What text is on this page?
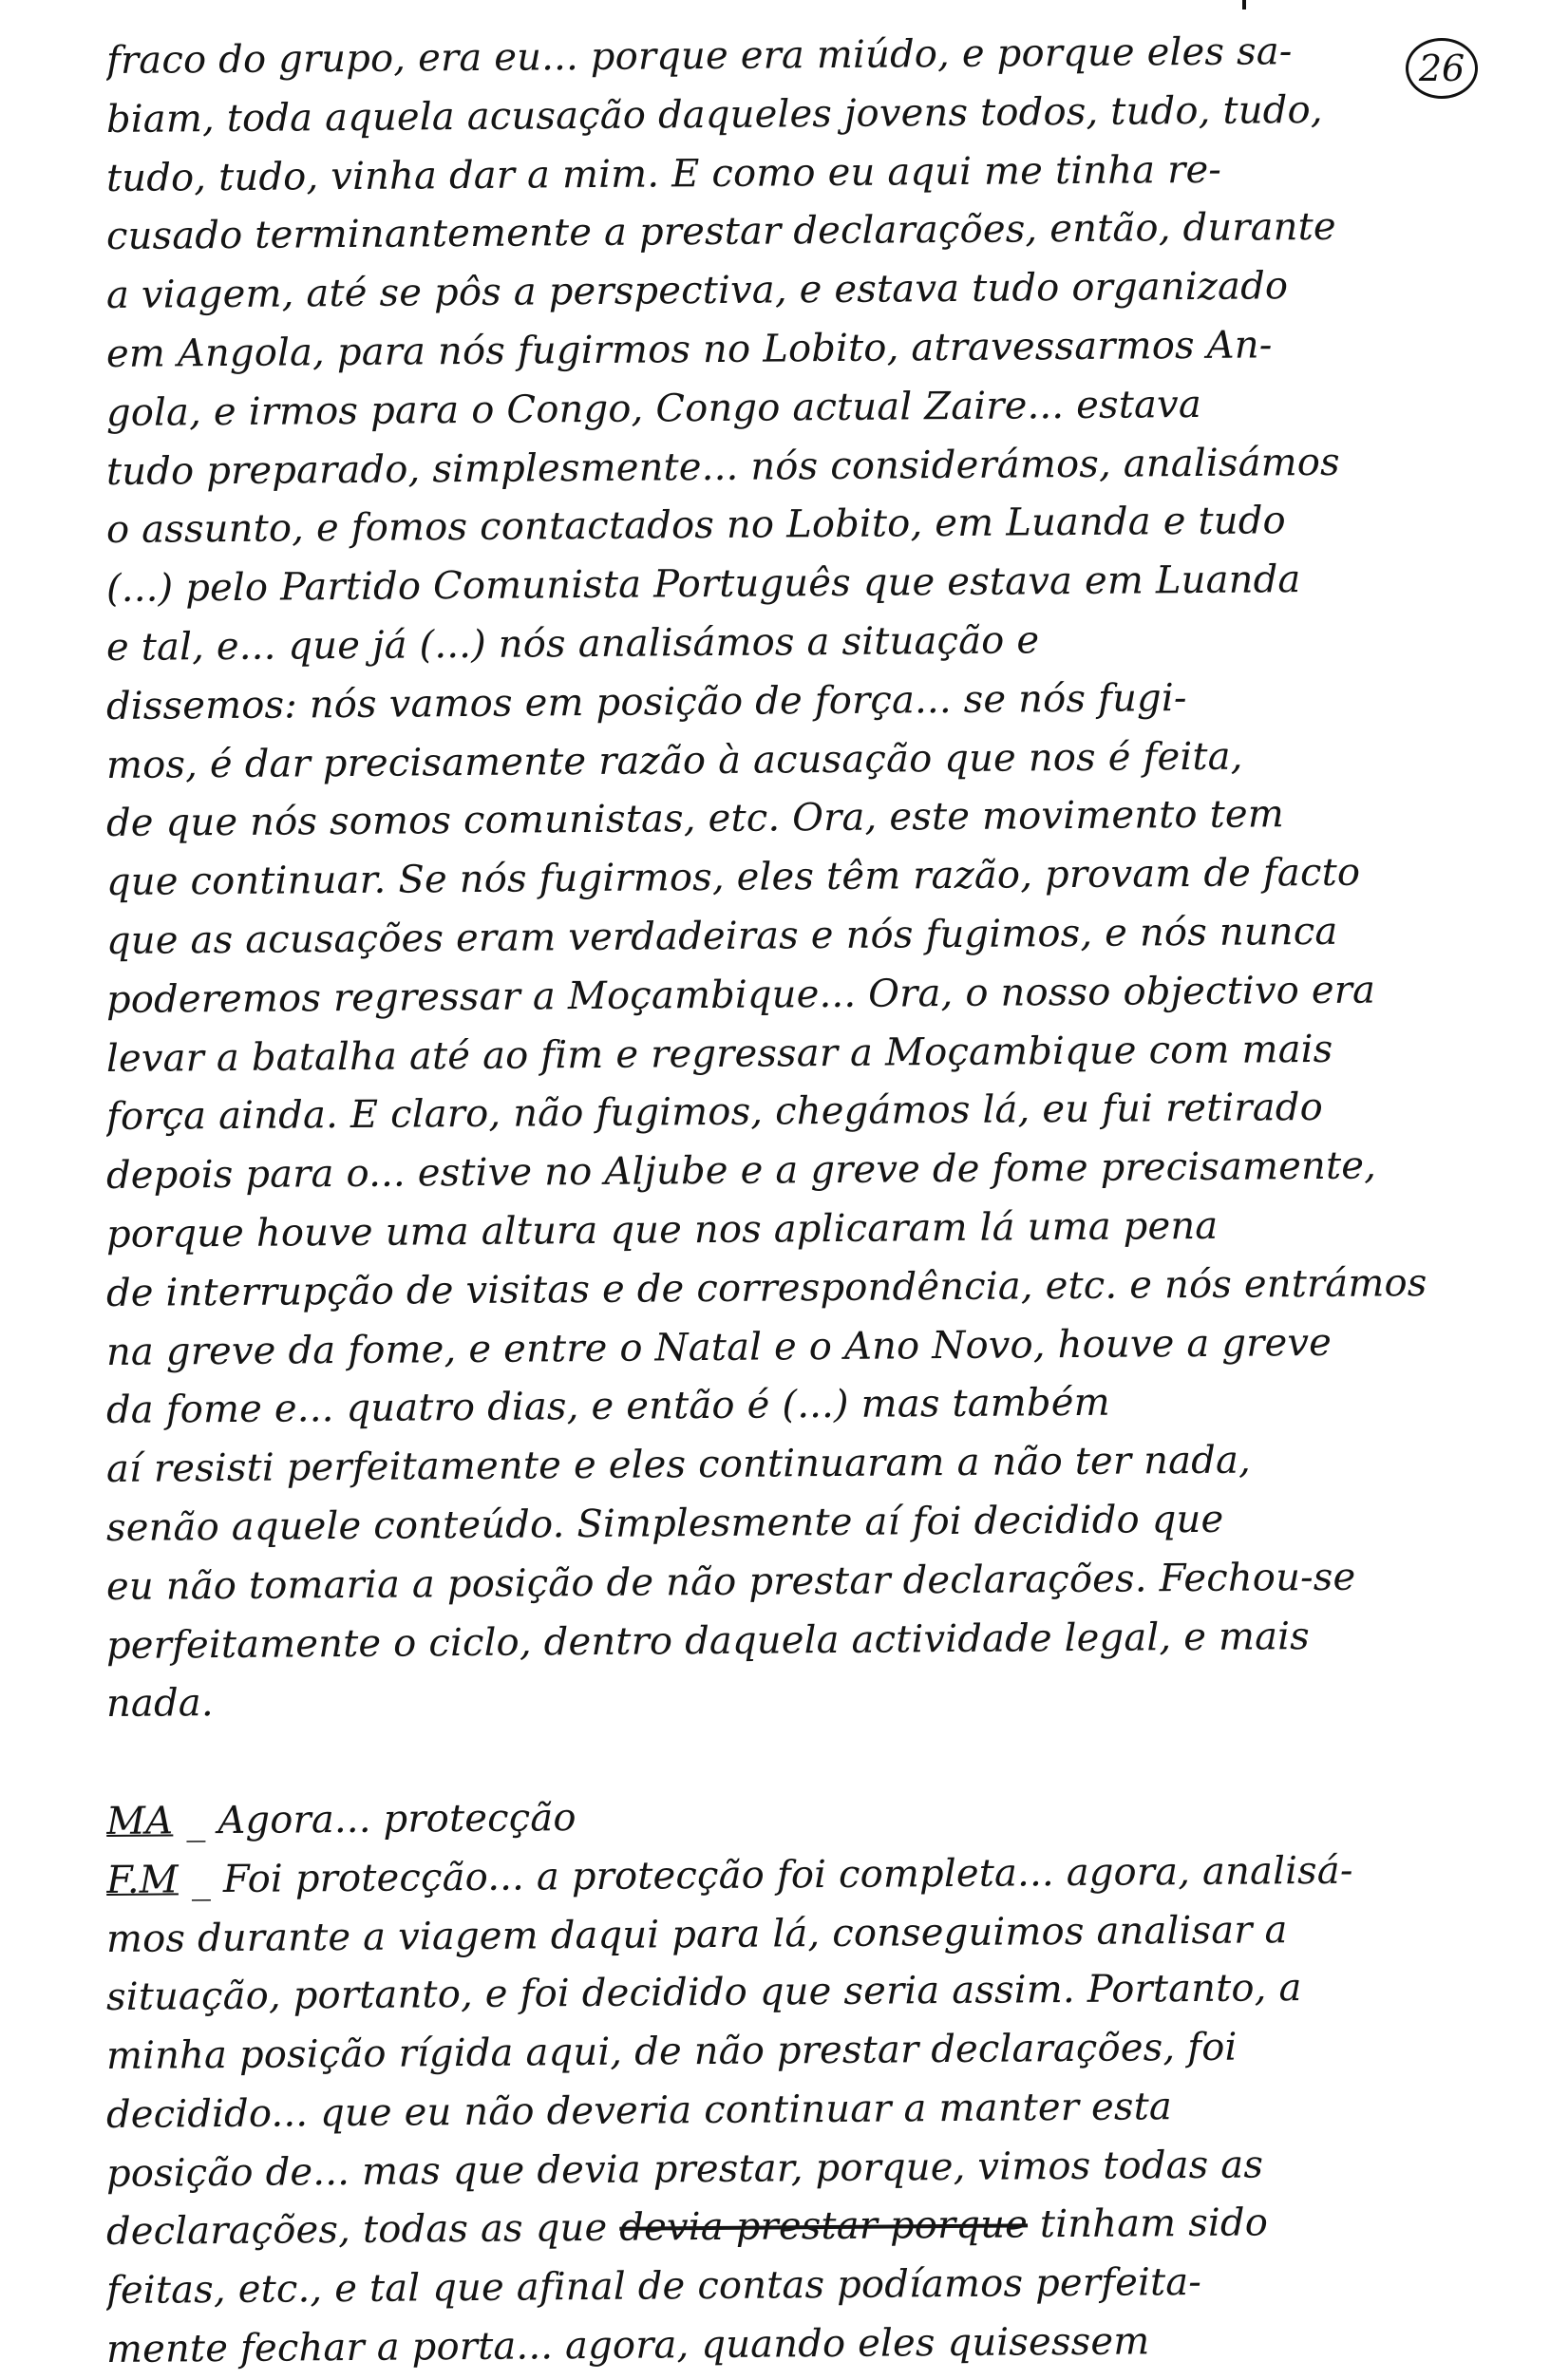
26
fraco do grupo, era eu... porque era miúdo, e porque eles sa-
biam, toda aquela acusação daqueles jovens todos, tudo, tudo,
tudo, tudo, vinha dar a mim. E como eu aqui me tinha re-
cusado terminantemente a prestar declarações, então, durante
a viagem, até se pôs a perspectiva, e estava tudo organizado
em Angola, para nós fugirmos no Lobito, atravessarmos An-
gola, e irmos para o Congo, Congo actual Zaire... estava
tudo preparado, simplesmente... nós considerámos, analisámos
o assunto, e fomos contactados no Lobito, em Luanda e tudo
(...) pelo Partido Comunista Português que estava em Luanda
e tal, e... que já (...) nós analisámos a situação e
dissemos: nós vamos em posição de força... se nós fugi-
mos, é dar precisamente razão à acusação que nos é feita,
de que nós somos comunistas, etc. Ora, este movimento tem
que continuar. Se nós fugirmos, eles têm razão, provam de facto
que as acusações eram verdadeiras e nós fugimos, e nós nunca
poderemos regressar a Moçambique... Ora, o nosso objectivo era
levar a batalha até ao fim e regressar a Moçambique com mais
força ainda. E claro, não fugimos, chegámos lá, eu fui retirado
depois para o... estive no Aljube e a greve de fome precisamente,
porque houve uma altura que nos aplicaram lá uma pena
de interrupção de visitas e de correspondência, etc. e nós entrámos
na greve da fome, e entre o Natal e o Ano Novo, houve a greve
da fome e... quatro dias, e então é (...) mas também
aí resisti perfeitamente e eles continuaram a não ter nada,
senão aquele conteúdo. Simplesmente aí foi decidido que
eu não tomaria a posição de não prestar declarações. Fechou-se
perfeitamente o ciclo, dentro daquela actividade legal, e mais
nada.
MA _ Agora... protecção
F.M _ Foi protecção... a protecção foi completa... agora, analisá-
mos durante a viagem daqui para lá, conseguimos analisar a
situação, portanto, e foi decidido que seria assim. Portanto, a
minha posição rígida aqui, de não prestar declarações, foi
decidido... que eu não deveria continuar a manter esta
posição de... mas que devia prestar, porque, vimos todas as
declarações, todas as que devia prestar porque tinham sido
feitas, etc., e tal que afinal de contas podíamos perfeita-
mente fechar a porta... agora, quando eles quisessem
